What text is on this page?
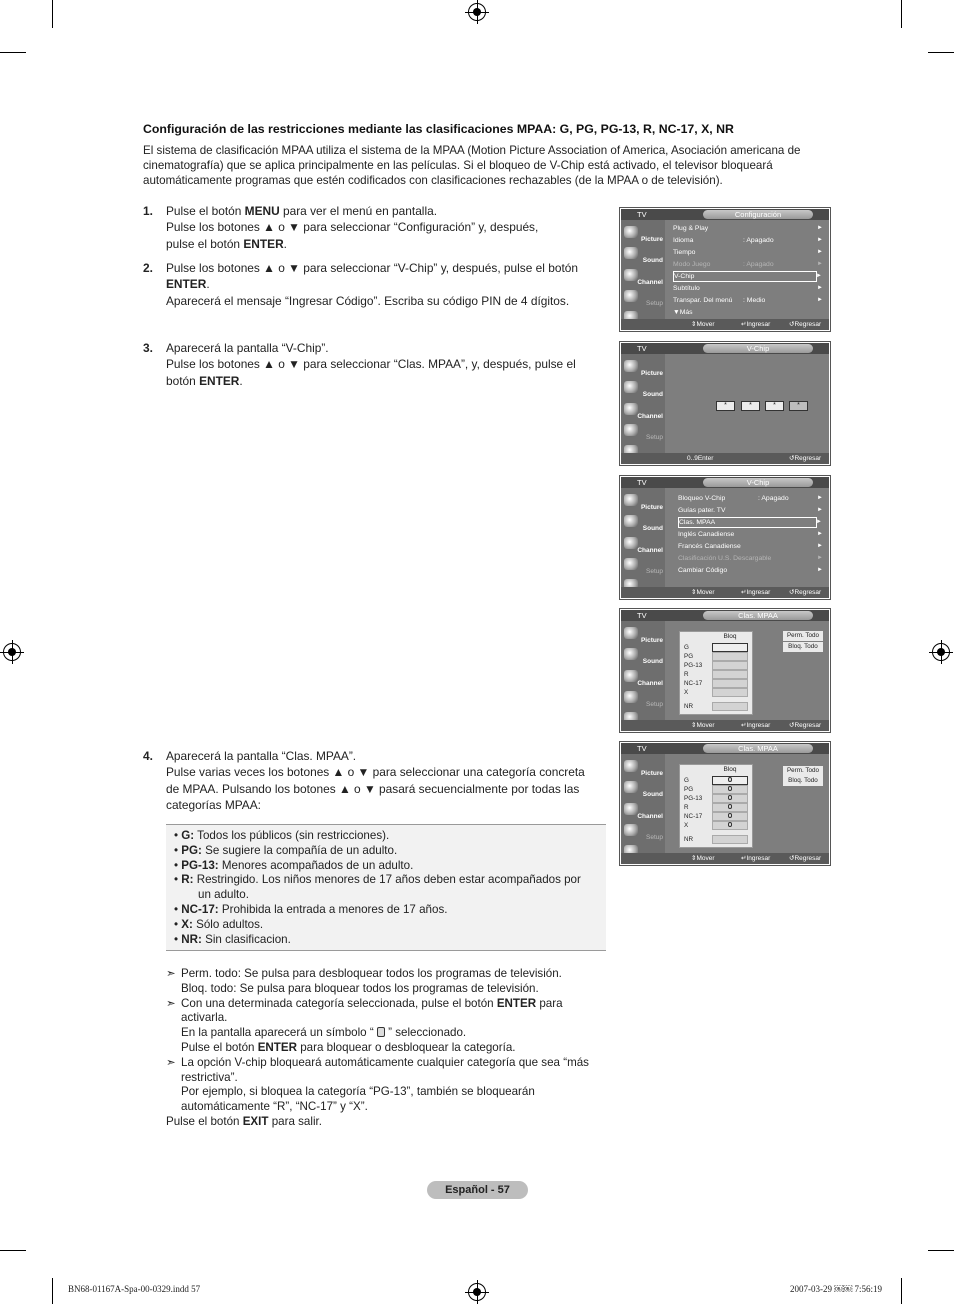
Configuración de las restricciones mediante las clasificaciones MPAA: G, PG, PG-13, R, NC-17, X, NR
El sistema de clasificación MPAA utiliza el sistema de la MPAA (Motion Picture Association of America, Asociación americana de cinematografía) que se aplica principalmente en las películas. Si el bloqueo de V-Chip está activado, el televisor bloqueará automáticamente programas que estén codificados con clasificaciones rechazables (de la MPAA o de televisión).
1. Pulse el botón MENU para ver el menú en pantalla.

Pulse los botones ▲ o ▼ para seleccionar “Configuración” y, después,

pulse el botón ENTER.

2. Pulse los botones ▲ o ▼ para seleccionar “V-Chip” y, después, pulse el botón

ENTER.

Aparecerá el mensaje “Ingresar Código”. Escriba su código PIN de 4 dígitos.

3. Aparecerá la pantalla “V-Chip”.

Pulse los botones ▲ o ▼ para seleccionar “Clas. MPAA”, y, después, pulse el

botón ENTER.

4. Aparecerá la pantalla “Clas. MPAA”.

Pulse varias veces los botones ▲ o ▼ para seleccionar una categoría concreta

de MPAA. Pulsando los botones ▲ o ▼ pasará secuencialmente por todas las

categorías MPAA:

• G: Todos los públicos (sin restricciones).
• PG: Se sugiere la compañía de un adulto.
• PG-13: Menores acompañados de un adulto.
• R: Restringido. Los niños menores de 17 años deben estar acompañados por
un adulto.
• NC-17: Prohibida la entrada a menores de 17 años.
• X: Sólo adultos.
• NR: Sin clasificacion.
➣ Perm. todo: Se pulsa para desbloquear todos los programas de televisión.

Bloq. todo: Se pulsa para bloquear todos los programas de televisión.

➣ Con una determinada categoría seleccionada, pulse el botón ENTER para

activarla.

En la pantalla aparecerá un símbolo “  ” seleccionado.

Pulse el botón ENTER para bloquear o desbloquear la categoría.

➣ La opción V-chip bloqueará automáticamente cualquier categoría que sea “más

restrictiva”.

Por ejemplo, si bloquea la categoría “PG-13”, también se bloquearán

automáticamente “R”, “NC-17” y “X”.

Pulse el botón EXIT para salir.

TV	Configuración
Picture
Sound
Channel
Setup
Plug & Play	►
Idioma	: Apagado	►
Tiempo	►
Modo Juego	: Apagado	►
V-Chip	►
Subtítulo	►
Transpar. Del menú : Medio	►
▼Más
⇕ Mover	↵ Ingresar	↺ Regresar
TV	V-Chip
Picture
Sound
Channel
Setup
*	*	*	*
0..9 Enter PIN
↺ Regresar
TV	V-Chip
Picture
Sound
Channel
Setup
Bloqueo V-Chip	: Apagado	►
Guías pater. TV	►
Clas. MPAA	►
Inglés Canadiense	►
Francés Canadiense	►
Clasificación U.S. Descargable	►
Cambiar Código	►
⇕ Mover	↵ Ingresar	↺ Regresar
TV	Clas. MPAA
Picture
Sound
Channel
Setup
Bloq
G
PG
PG-13
R
NC-17
X
NR
Perm. Todo
Bloq. Todo
⇕ Mover	↵ Ingresar	↺ Regresar
TV	Clas. MPAA
Picture
Sound
Channel
Setup
Bloq
G
PG
PG-13
R
NC-17
X
NR
Perm. Todo
Bloq. Todo
⇕ Mover	↵ Ingresar	↺ Regresar
Español - 57
BN68-01167A-Spa-00-0329.indd 57	2007-03-29 ￼￼ 7:56:19
